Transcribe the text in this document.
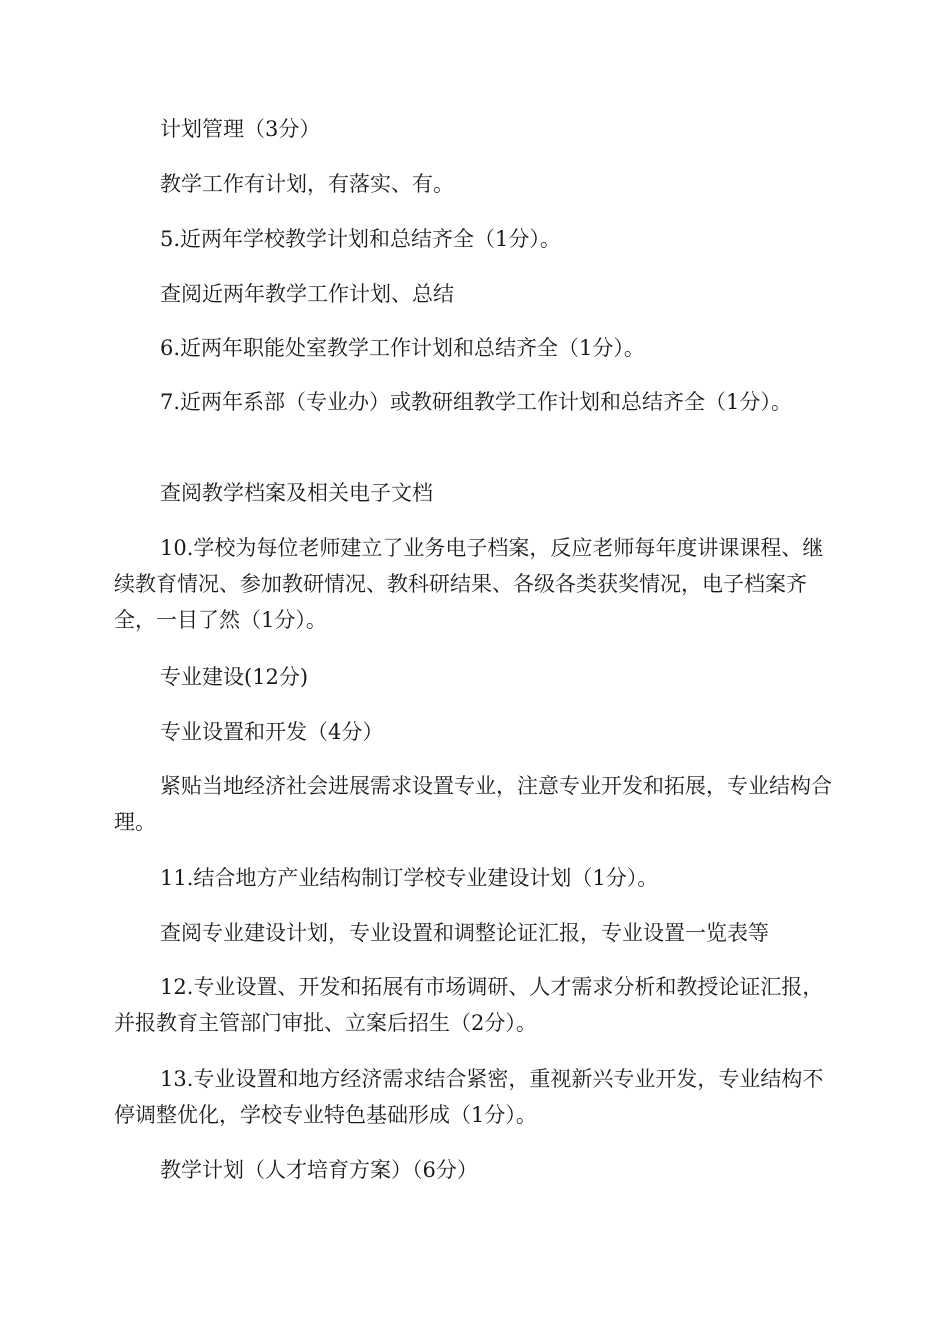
计划管理（3分）

教学工作有计划，有落实、有。

5.近两年学校教学计划和总结齐全（1分）。

查阅近两年教学工作计划、总结

6.近两年职能处室教学工作计划和总结齐全（1分）。

7.近两年系部（专业办）或教研组教学工作计划和总结齐全（1分）。

查阅教学档案及相关电子文档

10.学校为每位老师建立了业务电子档案，反应老师每年度讲课课程、继续教育情况、参加教研情况、教科研结果、各级各类获奖情况，电子档案齐全，一目了然（1分）。

专业建设(12分)

专业设置和开发（4分）

紧贴当地经济社会进展需求设置专业，注意专业开发和拓展，专业结构合理。

11.结合地方产业结构制订学校专业建设计划（1分）。

查阅专业建设计划，专业设置和调整论证汇报，专业设置一览表等

12.专业设置、开发和拓展有市场调研、人才需求分析和教授论证汇报，并报教育主管部门审批、立案后招生（2分）。

13.专业设置和地方经济需求结合紧密，重视新兴专业开发，专业结构不停调整优化，学校专业特色基础形成（1分）。

教学计划（人才培育方案）（6分）
